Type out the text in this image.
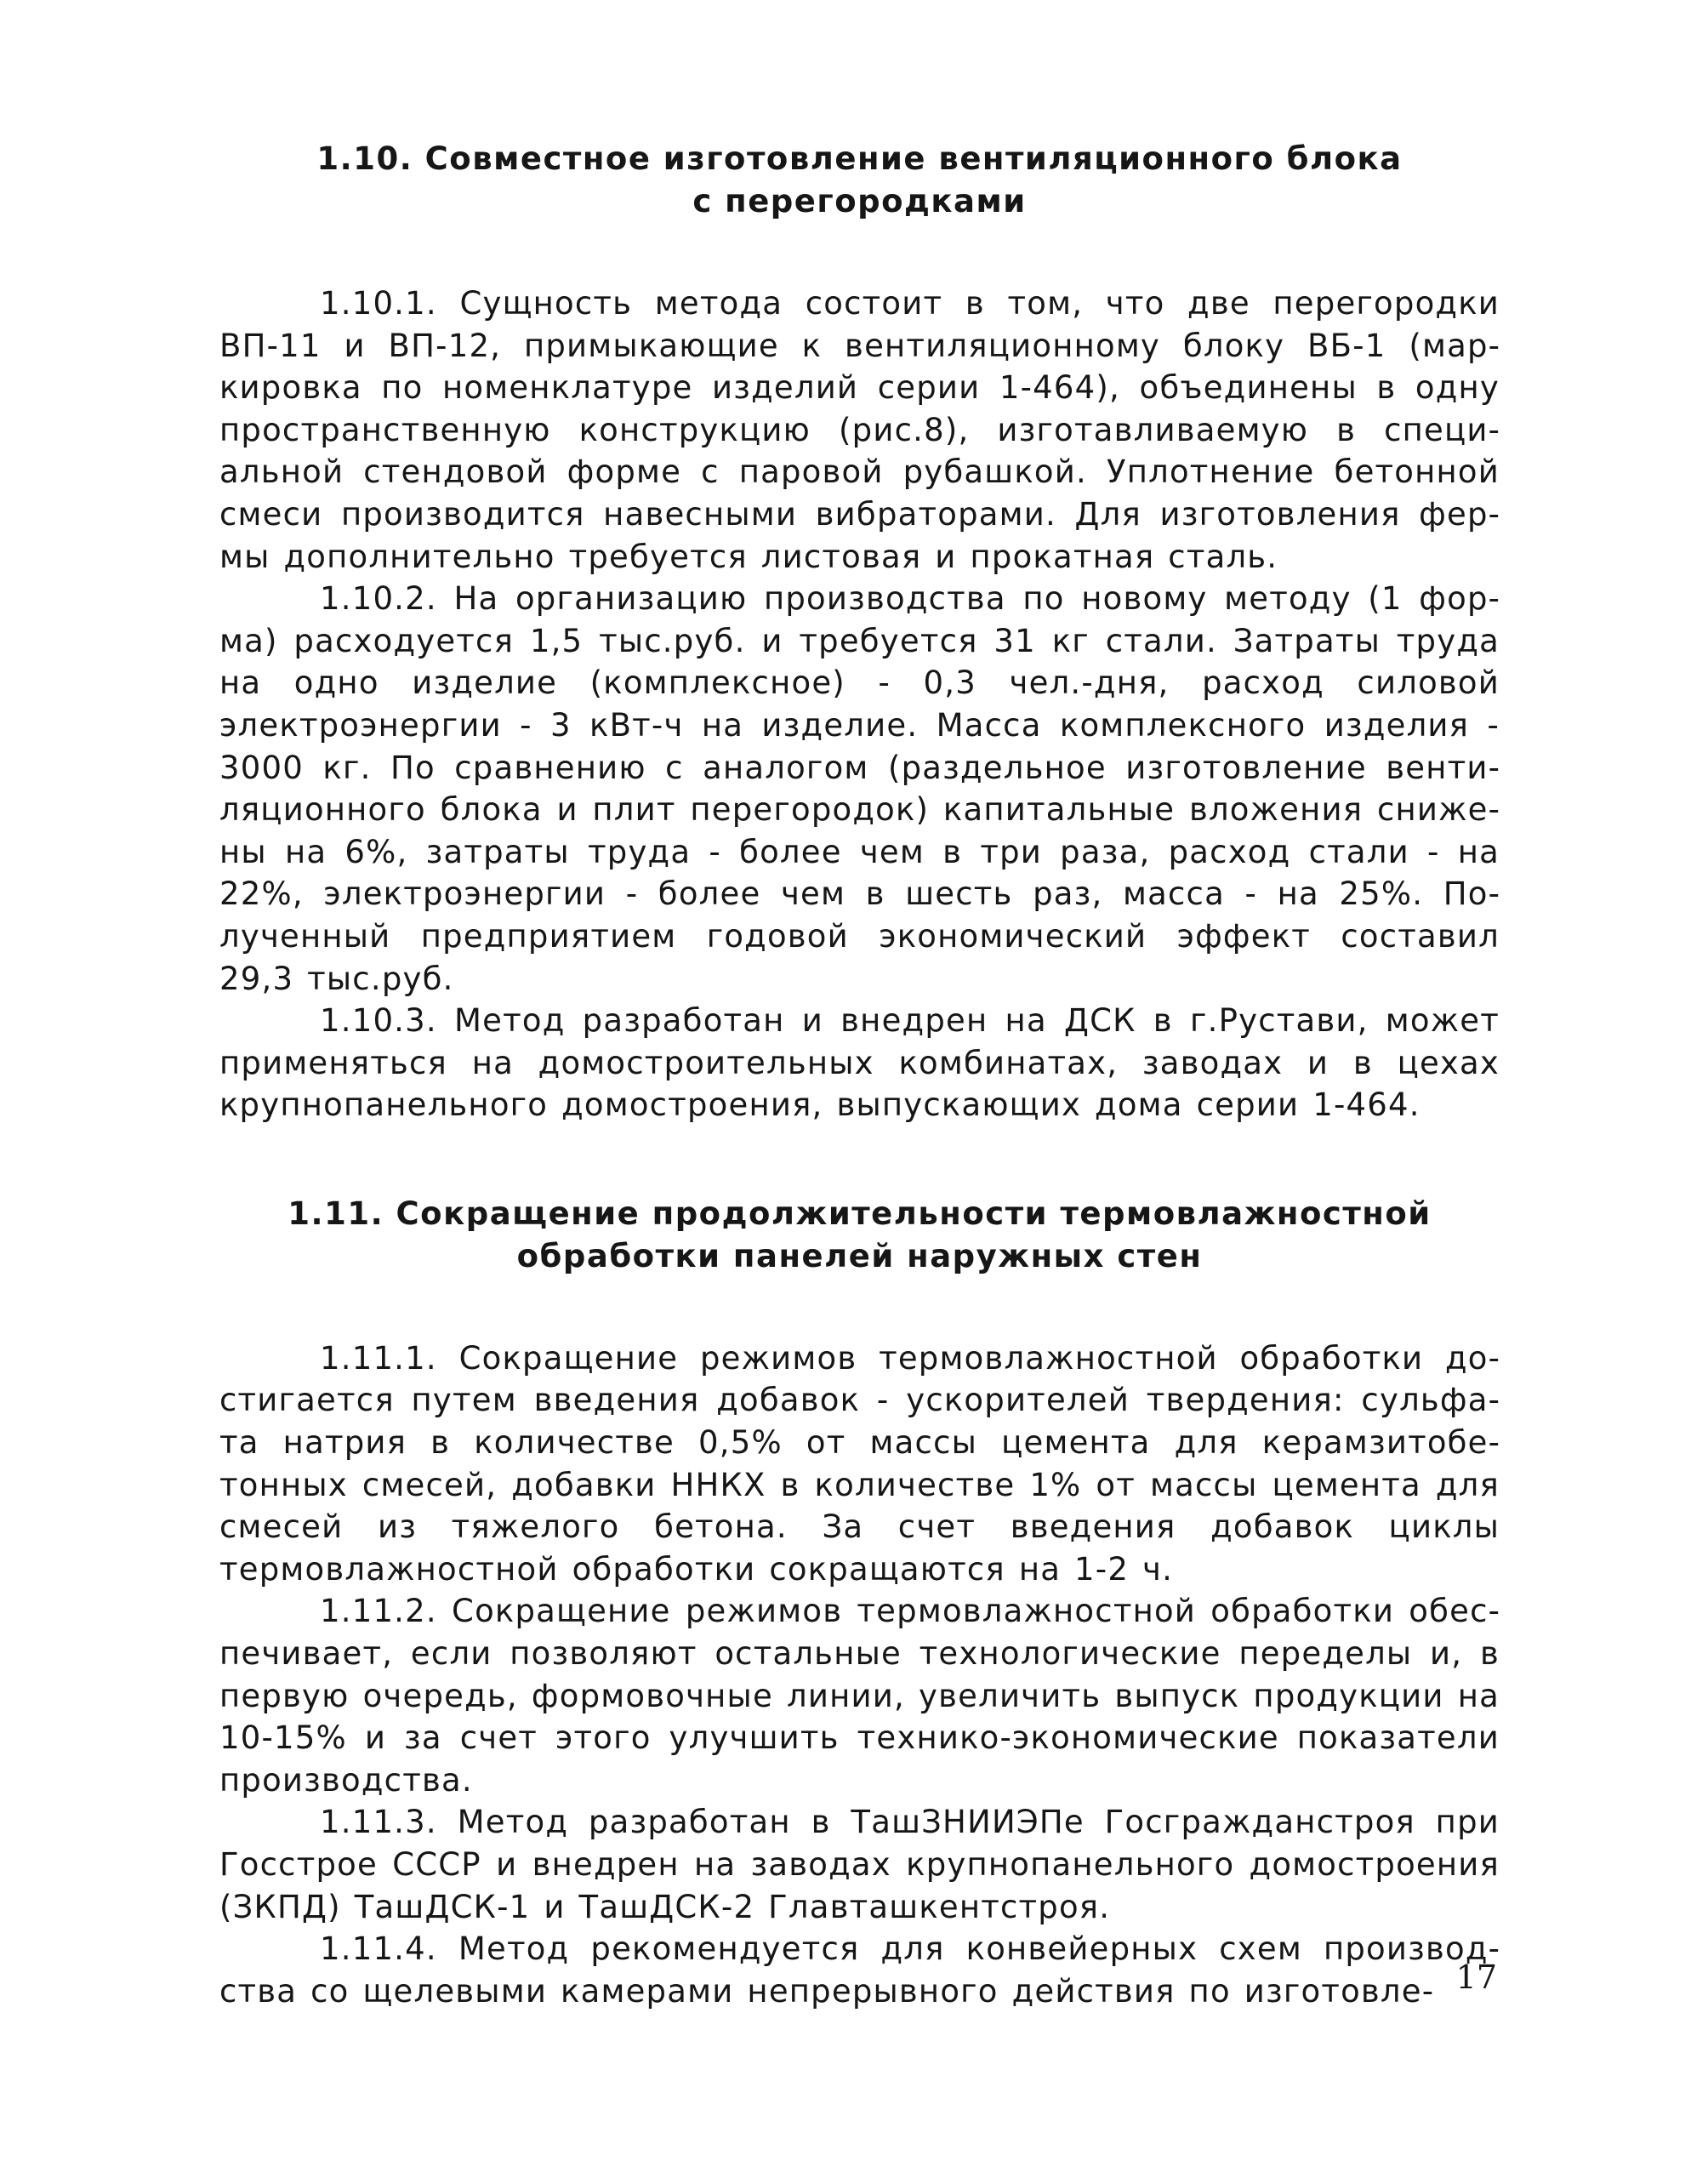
1.10. Совместное изготовление вентиляционного блока
с перегородками

1.10.1. Сущность метода состоит в том, что две перегородки ВП-11 и ВП-12, примыкающие к вентиляционному блоку ВБ-1 (маркировка по номенклатуре изделий серии 1-464), объединены в одну пространственную конструкцию (рис.8), изготавливаемую в специальной стендовой форме с паровой рубашкой. Уплотнение бетонной смеси производится навесными вибраторами. Для изготовления фермы дополнительно требуется листовая и прокатная сталь.

1.10.2. На организацию производства по новому методу (1 форма) расходуется 1,5 тыс.руб. и требуется 31 кг стали. Затраты труда на одно изделие (комплексное) - 0,3 чел.-дня, расход силовой электроэнергии - 3 кВт-ч на изделие. Масса комплексного изделия - 3000 кг. По сравнению с аналогом (раздельное изготовление вентиляционного блока и плит перегородок) капитальные вложения снижены на 6%, затраты труда - более чем в три раза, расход стали - на 22%, электроэнергии - более чем в шесть раз, масса - на 25%. Полученный предприятием годовой экономический эффект составил 29,3 тыс.руб.

1.10.3. Метод разработан и внедрен на ДСК в г.Рустави, может применяться на домостроительных комбинатах, заводах и в цехах крупнопанельного домостроения, выпускающих дома серии 1-464.

1.11. Сокращение продолжительности термовлажностной
обработки панелей наружных стен

1.11.1. Сокращение режимов термовлажностной обработки достигается путем введения добавок - ускорителей твердения: сульфата натрия в количестве 0,5% от массы цемента для керамзитобетонных смесей, добавки ННКХ в количестве 1% от массы цемента для смесей из тяжелого бетона. За счет введения добавок циклы термовлажностной обработки сокращаются на 1-2 ч.

1.11.2. Сокращение режимов термовлажностной обработки обеспечивает, если позволяют остальные технологические переделы и, в первую очередь, формовочные линии, увеличить выпуск продукции на 10-15% и за счет этого улучшить технико-экономические показатели производства.

1.11.3. Метод разработан в ТашЗНИИЭПе Госгражданстроя при Госстрое СССР и внедрен на заводах крупнопанельного домостроения (ЗКПД) ТашДСК-1 и ТашДСК-2 Главташкентстроя.

1.11.4. Метод рекомендуется для конвейерных схем производства со щелевыми камерами непрерывного действия по изготовле- 17
